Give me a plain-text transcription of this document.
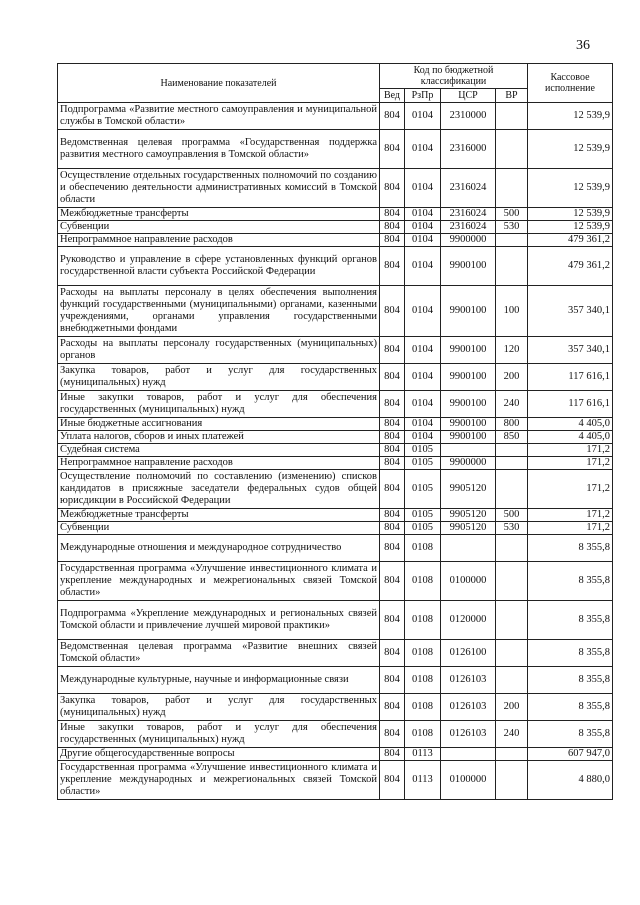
36
Наименование показателей	Код по бюджетной классификации				Кассовое исполнение
	Вед	РзПр	ЦСР	ВР	
Подпрограмма «Развитие местного самоуправления и муниципальной службы в Томской области»	804	0104	2310000		12 539,9
Ведомственная целевая программа «Государственная поддержка развития местного самоуправления в Томской области»	804	0104	2316000		12 539,9
Осуществление отдельных государственных полномочий по созданию и обеспечению деятельности административных комиссий в Томской области	804	0104	2316024		12 539,9
Межбюджетные трансферты	804	0104	2316024	500	12 539,9
Субвенции	804	0104	2316024	530	12 539,9
Непрограммное направление расходов	804	0104	9900000		479 361,2
Руководство и управление в сфере установленных функций органов государственной власти субъекта Российской Федерации	804	0104	9900100		479 361,2
Расходы на выплаты персоналу в целях обеспечения выполнения функций государственными (муниципальными) органами, казенными учреждениями, органами управления государственными внебюджетными фондами	804	0104	9900100	100	357 340,1
Расходы на выплаты персоналу государственных (муниципальных) органов	804	0104	9900100	120	357 340,1
Закупка товаров, работ и услуг для государственных (муниципальных) нужд	804	0104	9900100	200	117 616,1
Иные закупки товаров, работ и услуг для обеспечения государственных (муниципальных) нужд	804	0104	9900100	240	117 616,1
Иные бюджетные ассигнования	804	0104	9900100	800	4 405,0
Уплата налогов, сборов и иных платежей	804	0104	9900100	850	4 405,0
Судебная система	804	0105			171,2
Непрограммное направление расходов	804	0105	9900000		171,2
Осуществление полномочий по составлению (изменению) списков кандидатов в присяжные заседатели федеральных судов общей юрисдикции в Российской Федерации	804	0105	9905120		171,2
Межбюджетные трансферты	804	0105	9905120	500	171,2
Субвенции	804	0105	9905120	530	171,2
Международные отношения и международное сотрудничество	804	0108			8 355,8
Государственная программа «Улучшение инвестиционного климата и укрепление международных и межрегиональных связей Томской области»	804	0108	0100000		8 355,8
Подпрограмма «Укрепление международных и региональных связей Томской области и привлечение лучшей мировой практики»	804	0108	0120000		8 355,8
Ведомственная целевая программа «Развитие внешних связей Томской области»	804	0108	0126100		8 355,8
Международные культурные, научные и информационные связи	804	0108	0126103		8 355,8
Закупка товаров, работ и услуг для государственных (муниципальных) нужд	804	0108	0126103	200	8 355,8
Иные закупки товаров, работ и услуг для обеспечения государственных (муниципальных) нужд	804	0108	0126103	240	8 355,8
Другие общегосударственные вопросы	804	0113			607 947,0
Государственная программа «Улучшение инвестиционного климата и укрепление международных и межрегиональных связей Томской области»	804	0113	0100000		4 880,0
